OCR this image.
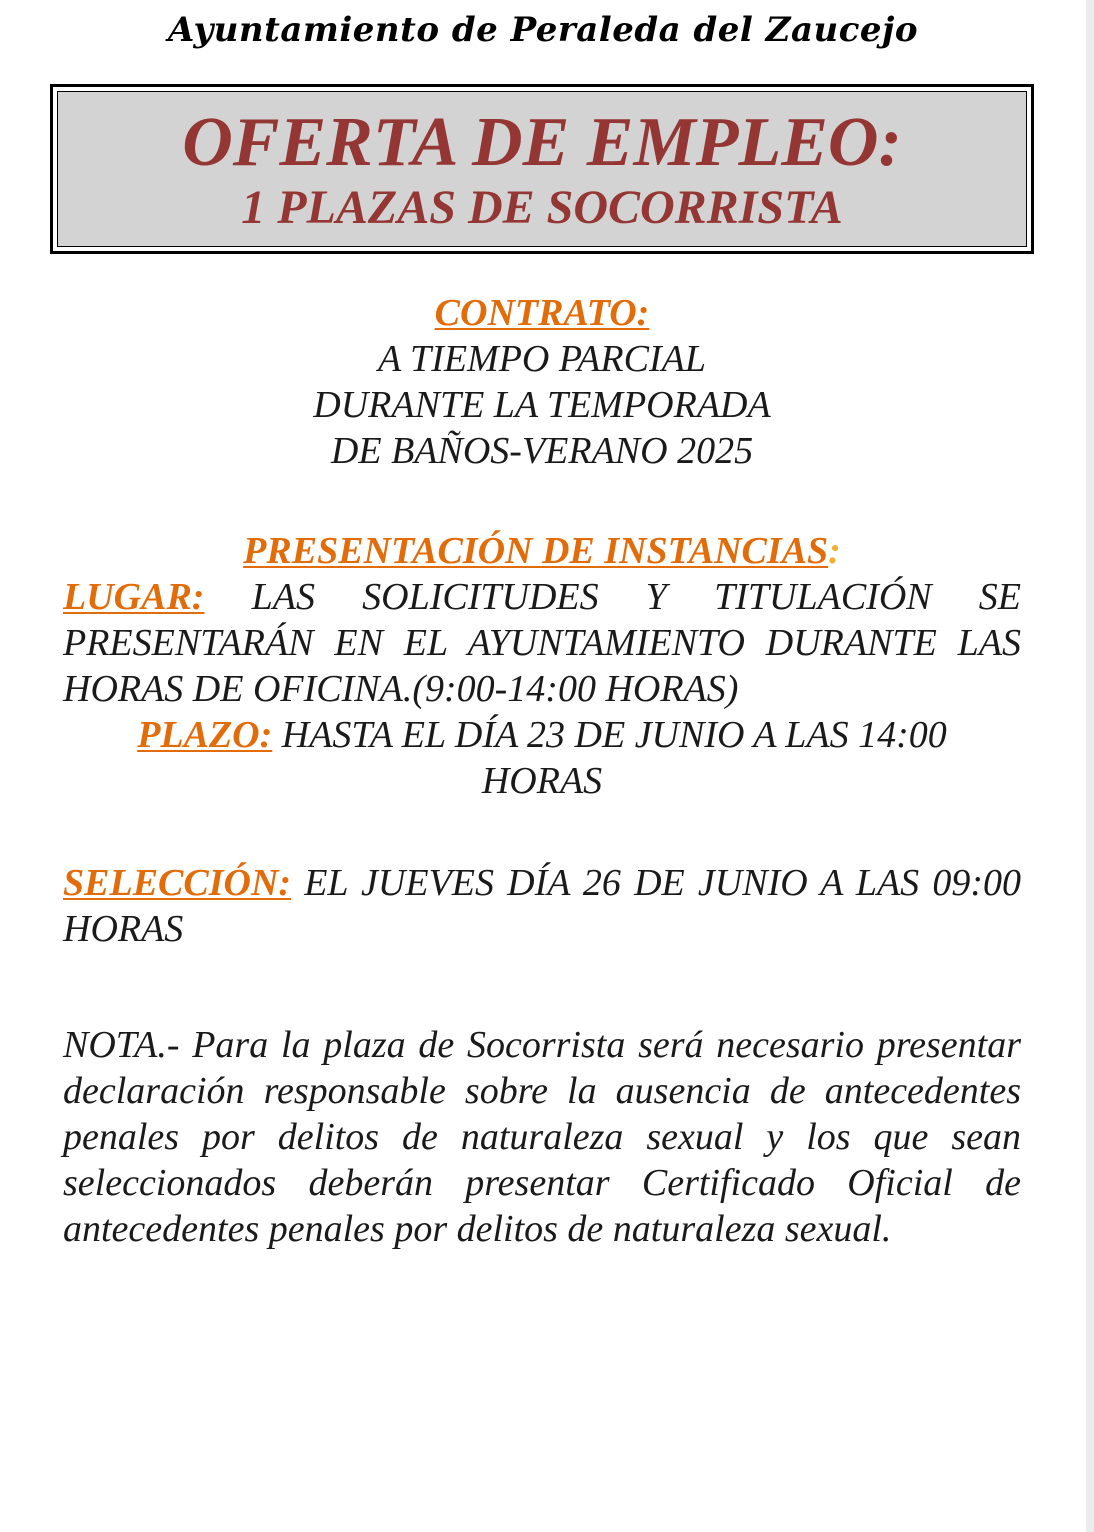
Ayuntamiento de Peraleda del Zaucejo
OFERTA DE EMPLEO:
1 PLAZAS DE SOCORRISTA
CONTRATO:
A TIEMPO PARCIAL
DURANTE LA TEMPORADA
DE BAÑOS-VERANO 2025
PRESENTACIÓN DE INSTANCIAS:
LUGAR: LAS SOLICITUDES Y TITULACIÓN SE PRESENTARÁN EN EL AYUNTAMIENTO DURANTE LAS HORAS DE OFICINA.(9:00-14:00 HORAS)
PLAZO: HASTA EL DÍA 23 DE JUNIO A LAS 14:00 HORAS
SELECCIÓN: EL JUEVES DÍA 26 DE JUNIO A LAS 09:00 HORAS
NOTA.- Para la plaza de Socorrista será necesario presentar declaración responsable sobre la ausencia de antecedentes penales por delitos de naturaleza sexual y los que sean seleccionados deberán presentar Certificado Oficial de antecedentes penales por delitos de naturaleza sexual.
